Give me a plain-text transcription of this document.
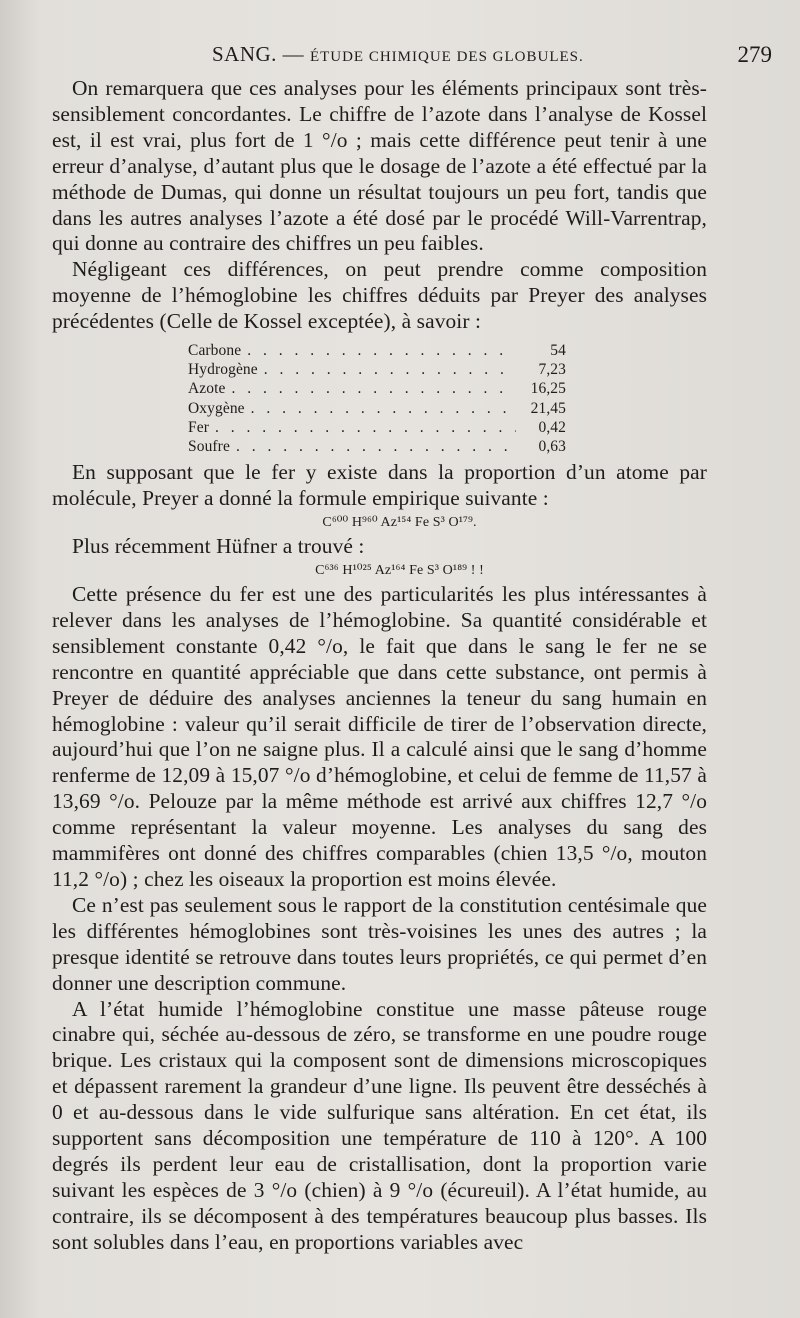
SANG. — ÉTUDE CHIMIQUE DES GLOBULES.	279

On remarquera que ces analyses pour les éléments principaux sont très-sensiblement concordantes. Le chiffre de l’azote dans l’analyse de Kossel est, il est vrai, plus fort de 1 °/o ; mais cette différence peut tenir à une erreur d’analyse, d’autant plus que le dosage de l’azote a été effectué par la méthode de Dumas, qui donne un résultat toujours un peu fort, tandis que dans les autres analyses l’azote a été dosé par le procédé Will-Varrentrap, qui donne au contraire des chiffres un peu faibles.

Négligeant ces différences, on peut prendre comme composition moyenne de l’hémoglobine les chiffres déduits par Preyer des analyses précédentes (Celle de Kossel exceptée), à savoir :

Carbone . . .	54
Hydrogène . . .	7,23
Azote . . .	16,25
Oxygène . . .	21,45
Fer . . .	0,42
Soufre . . .	0,63

En supposant que le fer y existe dans la proportion d’un atome par molécule, Preyer a donné la formule empirique suivante :

C⁶⁰⁰ H⁹⁶⁰ Az¹⁵⁴ Fe S³ O¹⁷⁹.

Plus récemment Hüfner a trouvé :

C⁶³⁶ H¹⁰²⁵ Az¹⁶⁴ Fe S³ O¹⁸⁹ ! !

Cette présence du fer est une des particularités les plus intéressantes à relever dans les analyses de l’hémoglobine. Sa quantité considérable et sensiblement constante 0,42 °/o, le fait que dans le sang le fer ne se rencontre en quantité appréciable que dans cette substance, ont permis à Preyer de déduire des analyses anciennes la teneur du sang humain en hémoglobine : valeur qu’il serait difficile de tirer de l’observation directe, aujourd’hui que l’on ne saigne plus. Il a calculé ainsi que le sang d’homme renferme de 12,09 à 15,07 °/o d’hémoglobine, et celui de femme de 11,57 à 13,69 °/o. Pelouze par la même méthode est arrivé aux chiffres 12,7 °/o comme représentant la valeur moyenne. Les analyses du sang des mammifères ont donné des chiffres comparables (chien 13,5 °/o, mouton 11,2 °/o) ; chez les oiseaux la proportion est moins élevée.

Ce n’est pas seulement sous le rapport de la constitution centésimale que les différentes hémoglobines sont très-voisines les unes des autres ; la presque identité se retrouve dans toutes leurs propriétés, ce qui permet d’en donner une description commune.

A l’état humide l’hémoglobine constitue une masse pâteuse rouge cinabre qui, séchée au-dessous de zéro, se transforme en une poudre rouge brique. Les cristaux qui la composent sont de dimensions microscopiques et dépassent rarement la grandeur d’une ligne. Ils peuvent être desséchés à 0 et au-dessous dans le vide sulfurique sans altération. En cet état, ils supportent sans décomposition une température de 110 à 120°. A 100 degrés ils perdent leur eau de cristallisation, dont la proportion varie suivant les espèces de 3 °/o (chien) à 9 °/o (écureuil). A l’état humide, au contraire, ils se décomposent à des températures beaucoup plus basses. Ils sont solubles dans l’eau, en proportions variables avec
